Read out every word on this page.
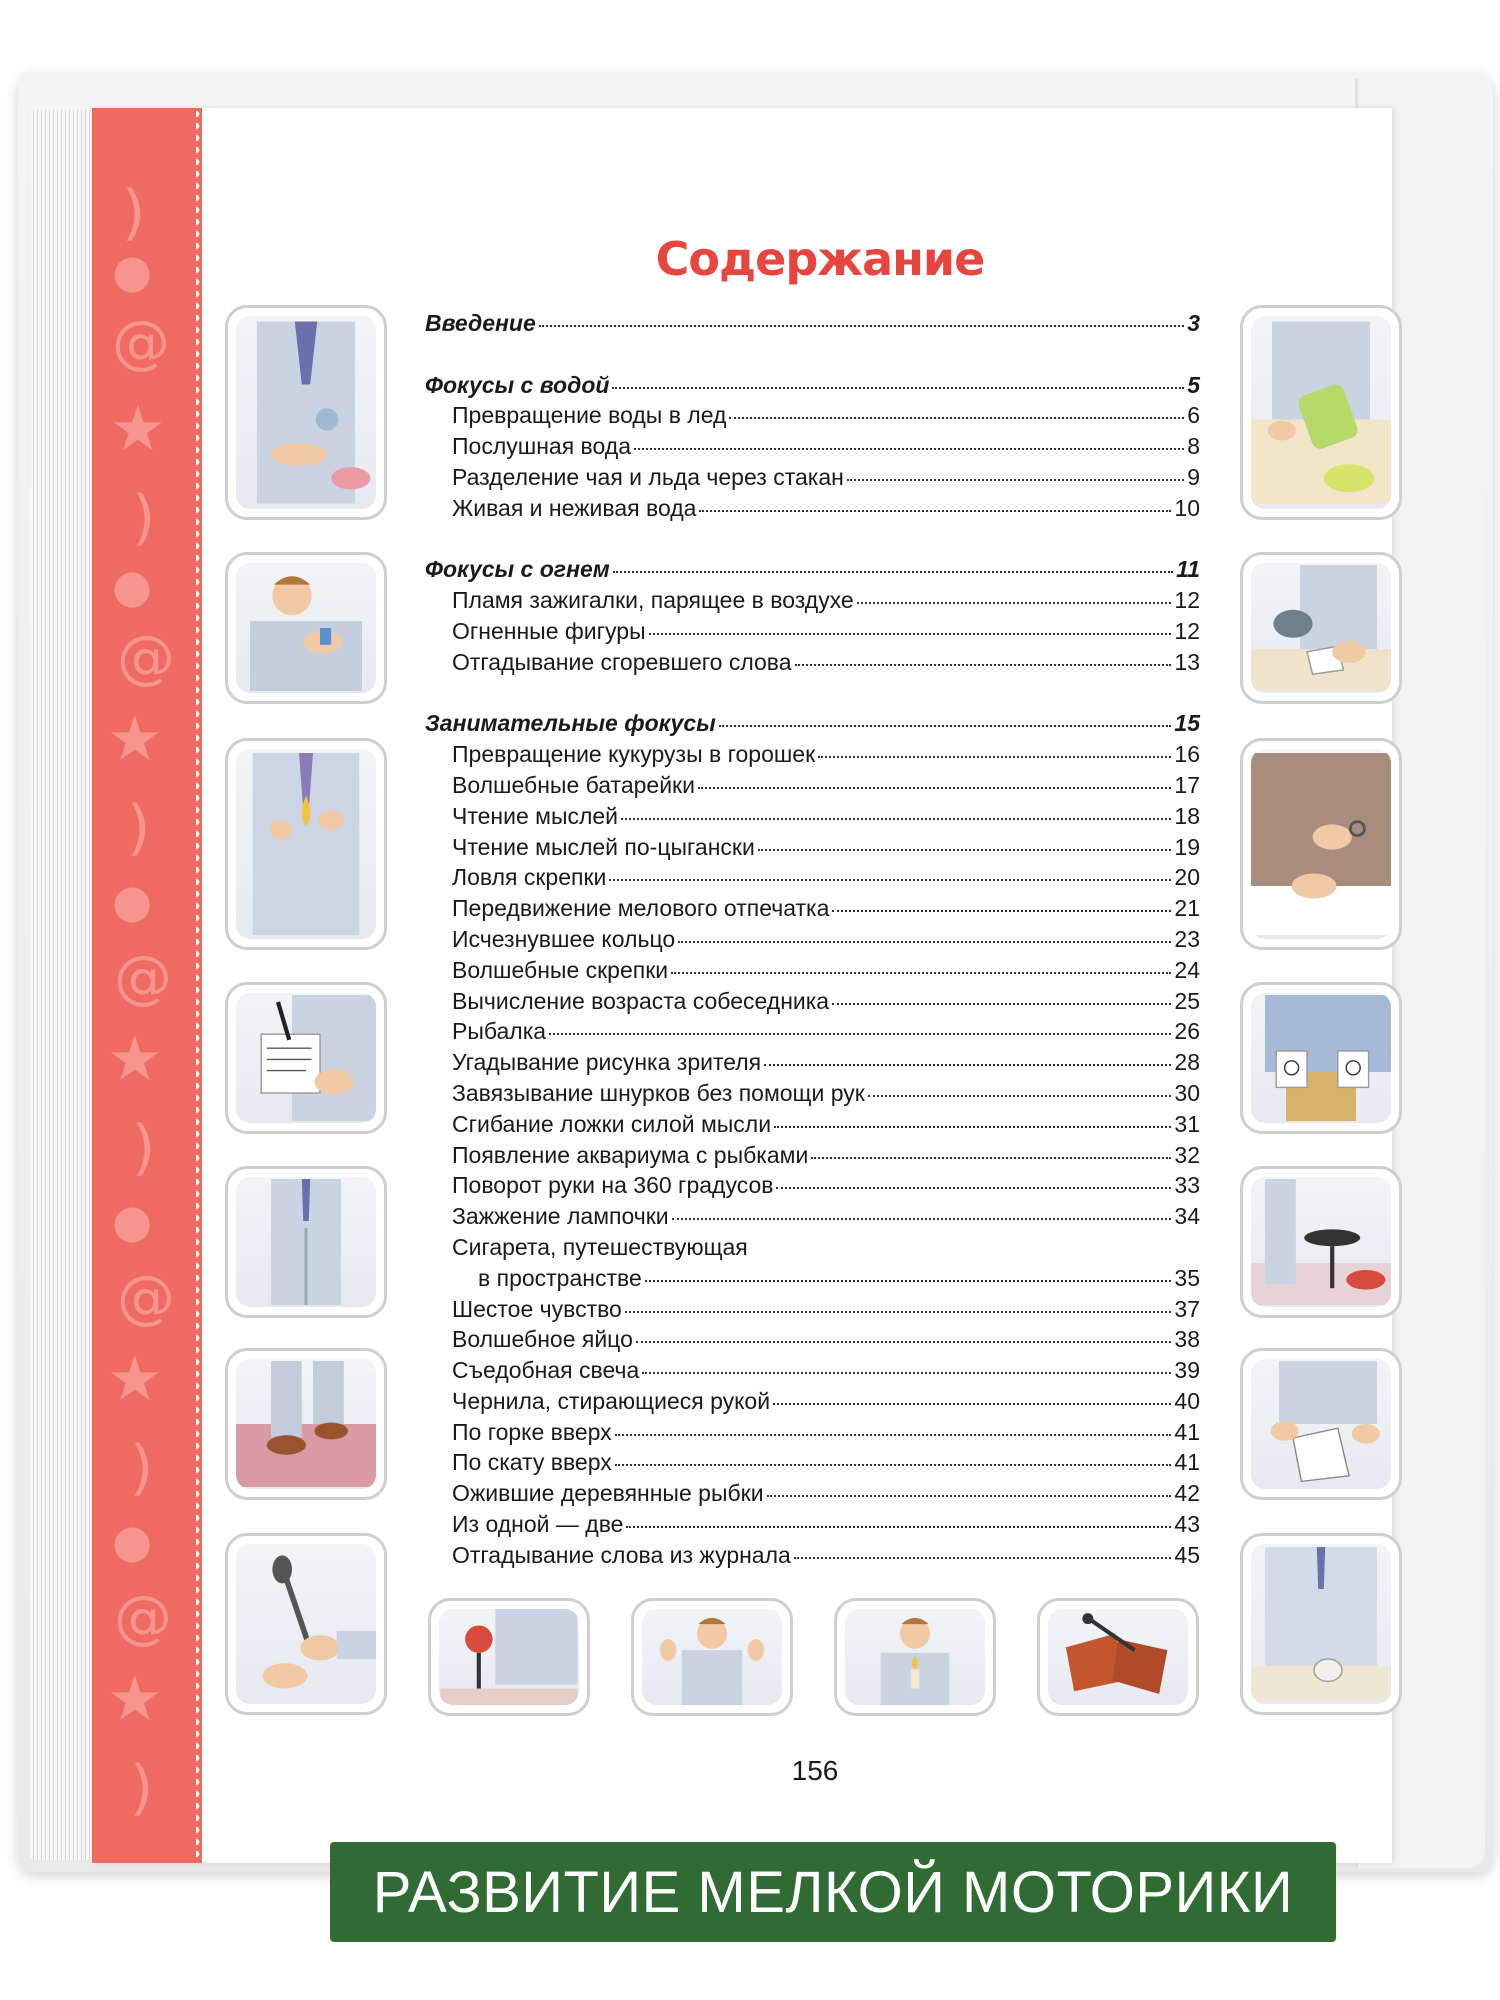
)
●
@
★
)
●
@
★
)
●
@
★
)
●
@
★
)
●
@
★
)
Содержание
Введение	3
Фокусы с водой	5
Превращение воды в лед	6
Послушная вода	8
Разделение чая и льда через стакан	9
Живая и неживая вода	10
Фокусы с огнем	11
Пламя зажигалки, парящее в воздухе	12
Огненные фигуры	12
Отгадывание сгоревшего слова	13
Занимательные фокусы	15
Превращение кукурузы в горошек	16
Волшебные батарейки	17
Чтение мыслей	18
Чтение мыслей по-цыгански	19
Ловля скрепки	20
Передвижение мелового отпечатка	21
Исчезнувшее кольцо	23
Волшебные скрепки	24
Вычисление возраста собеседника	25
Рыбалка	26
Угадывание рисунка зрителя	28
Завязывание шнурков без помощи рук	30
Сгибание ложки силой мысли	31
Появление аквариума с рыбками	32
Поворот руки на 360 градусов	33
Зажжение лампочки	34
Сигарета, путешествующая
в пространстве	35
Шестое чувство	37
Волшебное яйцо	38
Съедобная свеча	39
Чернила, стирающиеся рукой	40
По горке вверх	41
По скату вверх	41
Ожившие деревянные рыбки	42
Из одной — две	43
Отгадывание слова из журнала	45
156
РАЗВИТИЕ МЕЛКОЙ МОТОРИКИ
